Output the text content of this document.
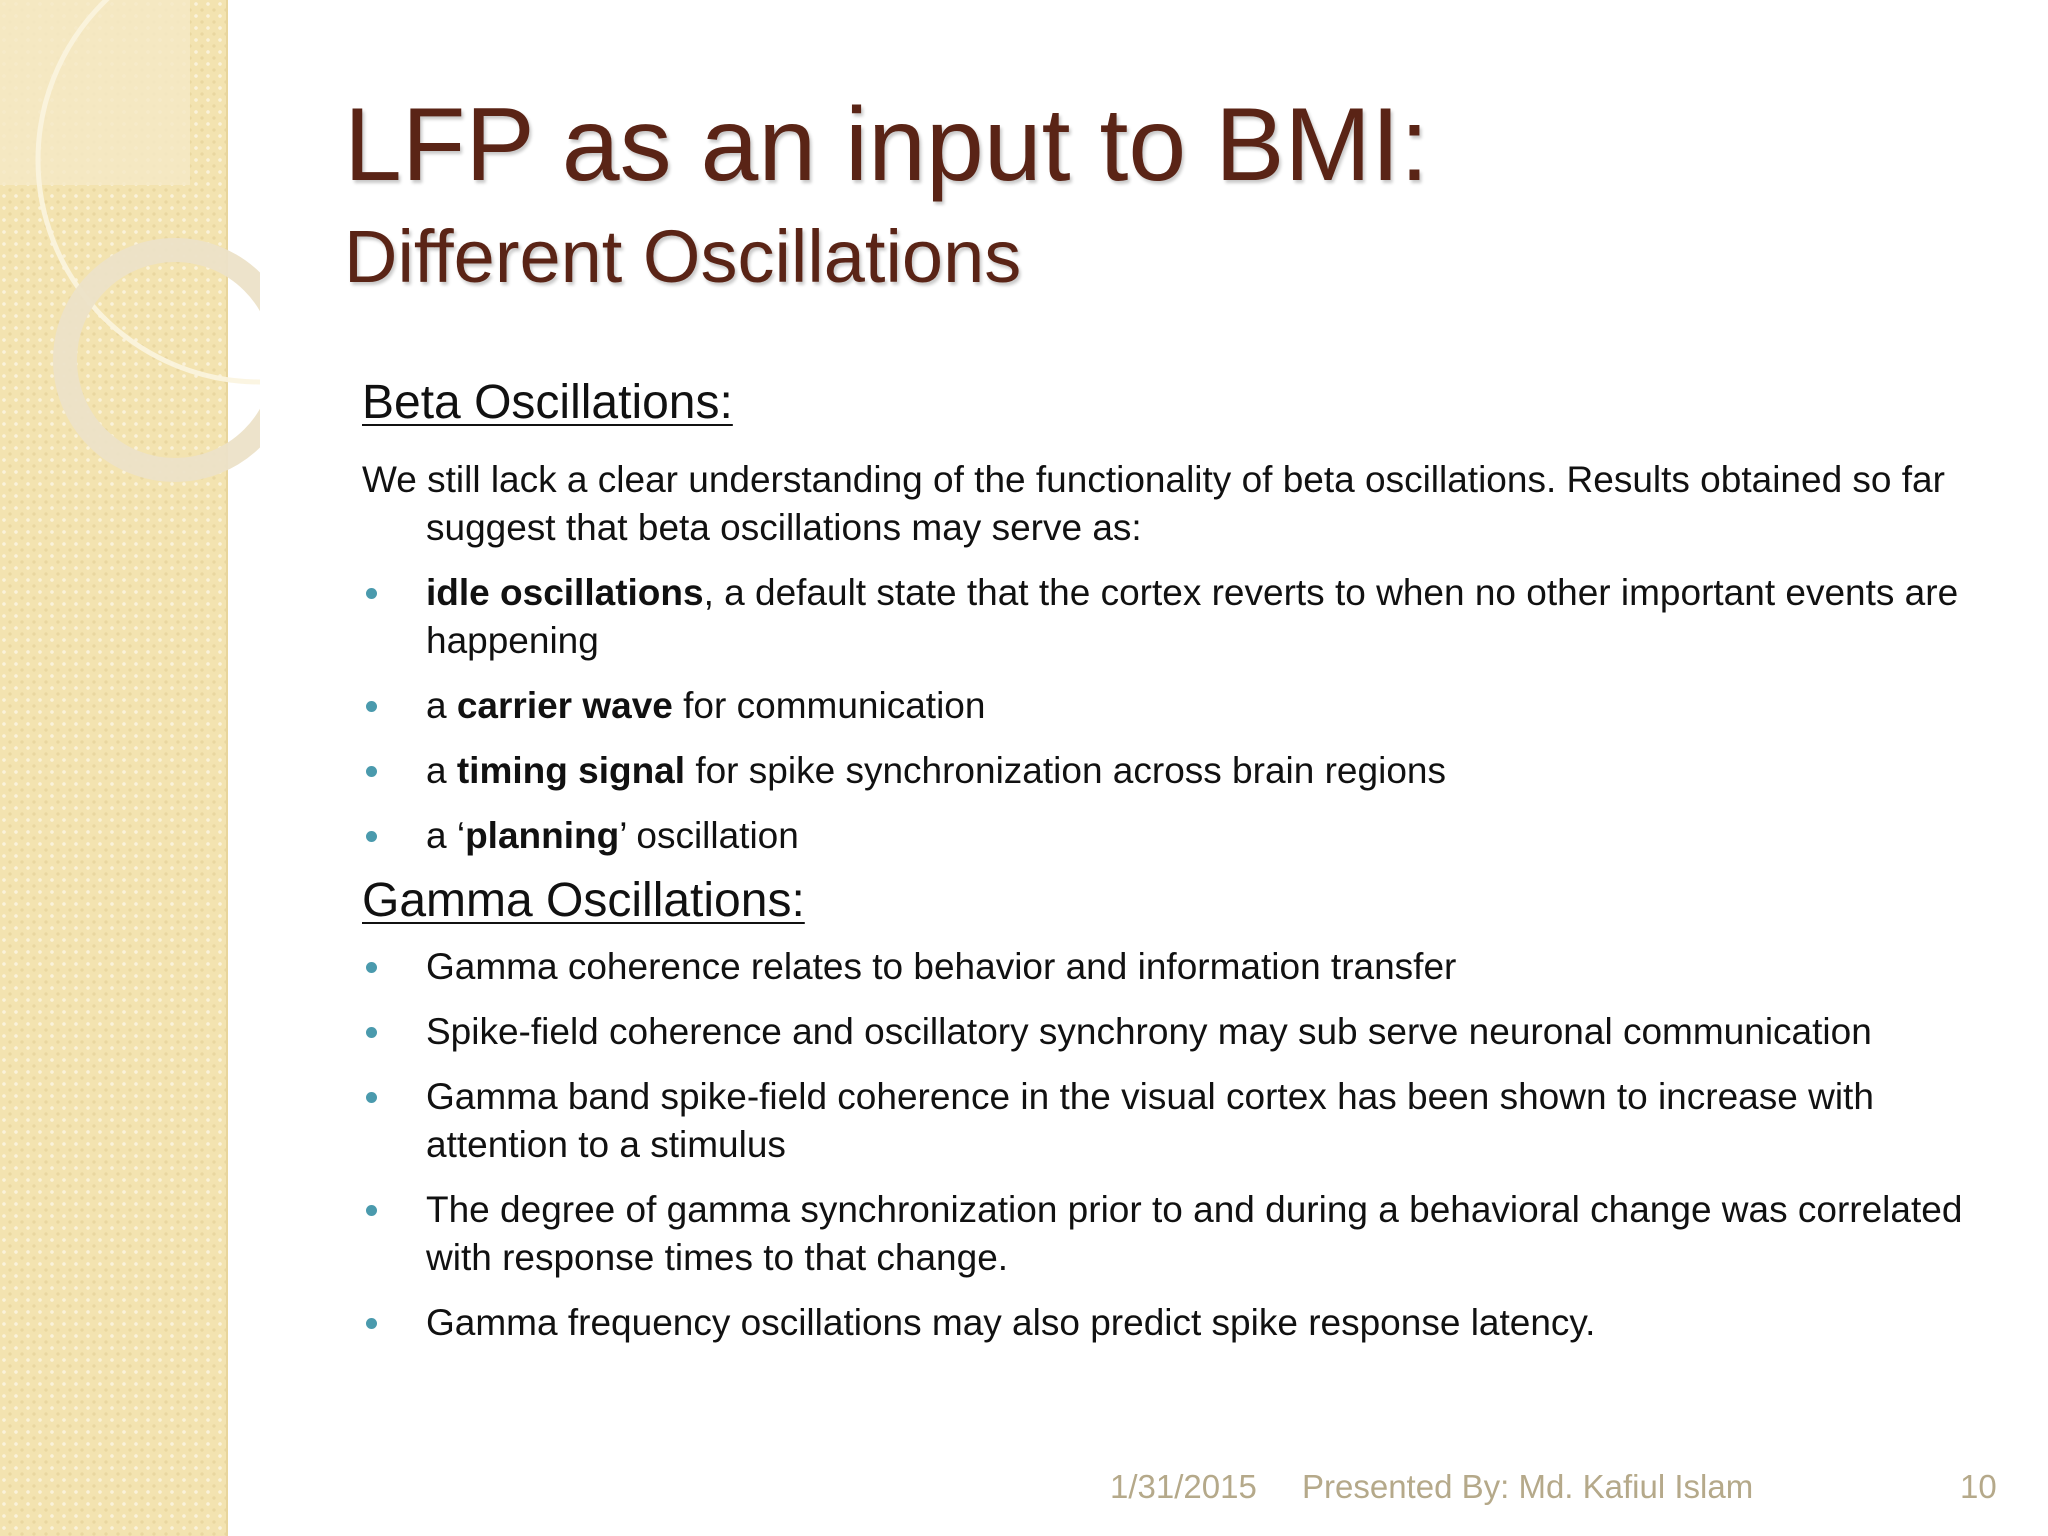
LFP as an input to BMI:
Different Oscillations
Beta Oscillations:

We still lack a clear understanding of the functionality of beta oscillations. Results obtained so far suggest that beta oscillations may serve as:

idle oscillations, a default state that the cortex reverts to when no other important events are happening
a carrier wave for communication
a timing signal for spike synchronization across brain regions
a ‘planning’ oscillation
Gamma Oscillations:
Gamma coherence relates to behavior and information transfer
Spike-field coherence and oscillatory synchrony may sub serve neuronal communication
Gamma band spike-field coherence in the visual cortex has been shown to increase with attention to a stimulus
The degree of gamma synchronization prior to and during a behavioral change was correlated with response times to that change.
Gamma frequency oscillations may also predict spike response latency.
1/31/2015 Presented By: Md. Kafiul Islam	10
